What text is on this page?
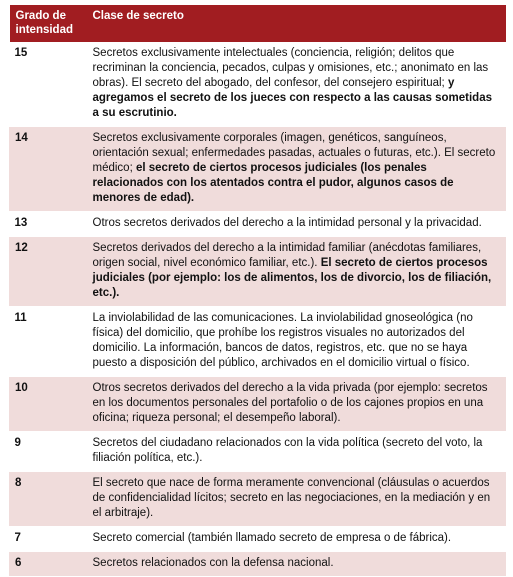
Grado de intensidad	Clase de secreto
15	Secretos exclusivamente intelectuales (conciencia, religión; delitos que recriminan la conciencia, pecados, culpas y omisiones, etc.; anonimato en las obras). El secreto del abogado, del confesor, del consejero espiritual; y agregamos el secreto de los jueces con respecto a las causas sometidas a su escrutinio.
14	Secretos exclusivamente corporales (imagen, genéticos, sanguíneos, orientación sexual; enfermedades pasadas, actuales o futuras, etc.). El secreto médico; el secreto de ciertos procesos judiciales (los penales relacionados con los atentados contra el pudor, algunos casos de menores de edad).
13	Otros secretos derivados del derecho a la intimidad personal y la privacidad.
12	Secretos derivados del derecho a la intimidad familiar (anécdotas familiares, origen social, nivel económico familiar, etc.). El secreto de ciertos procesos judiciales (por ejemplo: los de alimentos, los de divorcio, los de filiación, etc.).
11	La inviolabilidad de las comunicaciones. La inviolabilidad gnoseológica (no física) del domicilio, que prohíbe los registros visuales no autorizados del domicilio. La información, bancos de datos, registros, etc. que no se haya puesto a disposición del público, archivados en el domicilio virtual o físico.
10	Otros secretos derivados del derecho a la vida privada (por ejemplo: secretos en los documentos personales del portafolio o de los cajones propios en una oficina; riqueza personal; el desempeño laboral).
9	Secretos del ciudadano relacionados con la vida política (secreto del voto, la filiación política, etc.).
8	El secreto que nace de forma meramente convencional (cláusulas o acuerdos de confidencialidad lícitos; secreto en las negociaciones, en la mediación y en el arbitraje).
7	Secreto comercial (también llamado secreto de empresa o de fábrica).
6	Secretos relacionados con la defensa nacional.
